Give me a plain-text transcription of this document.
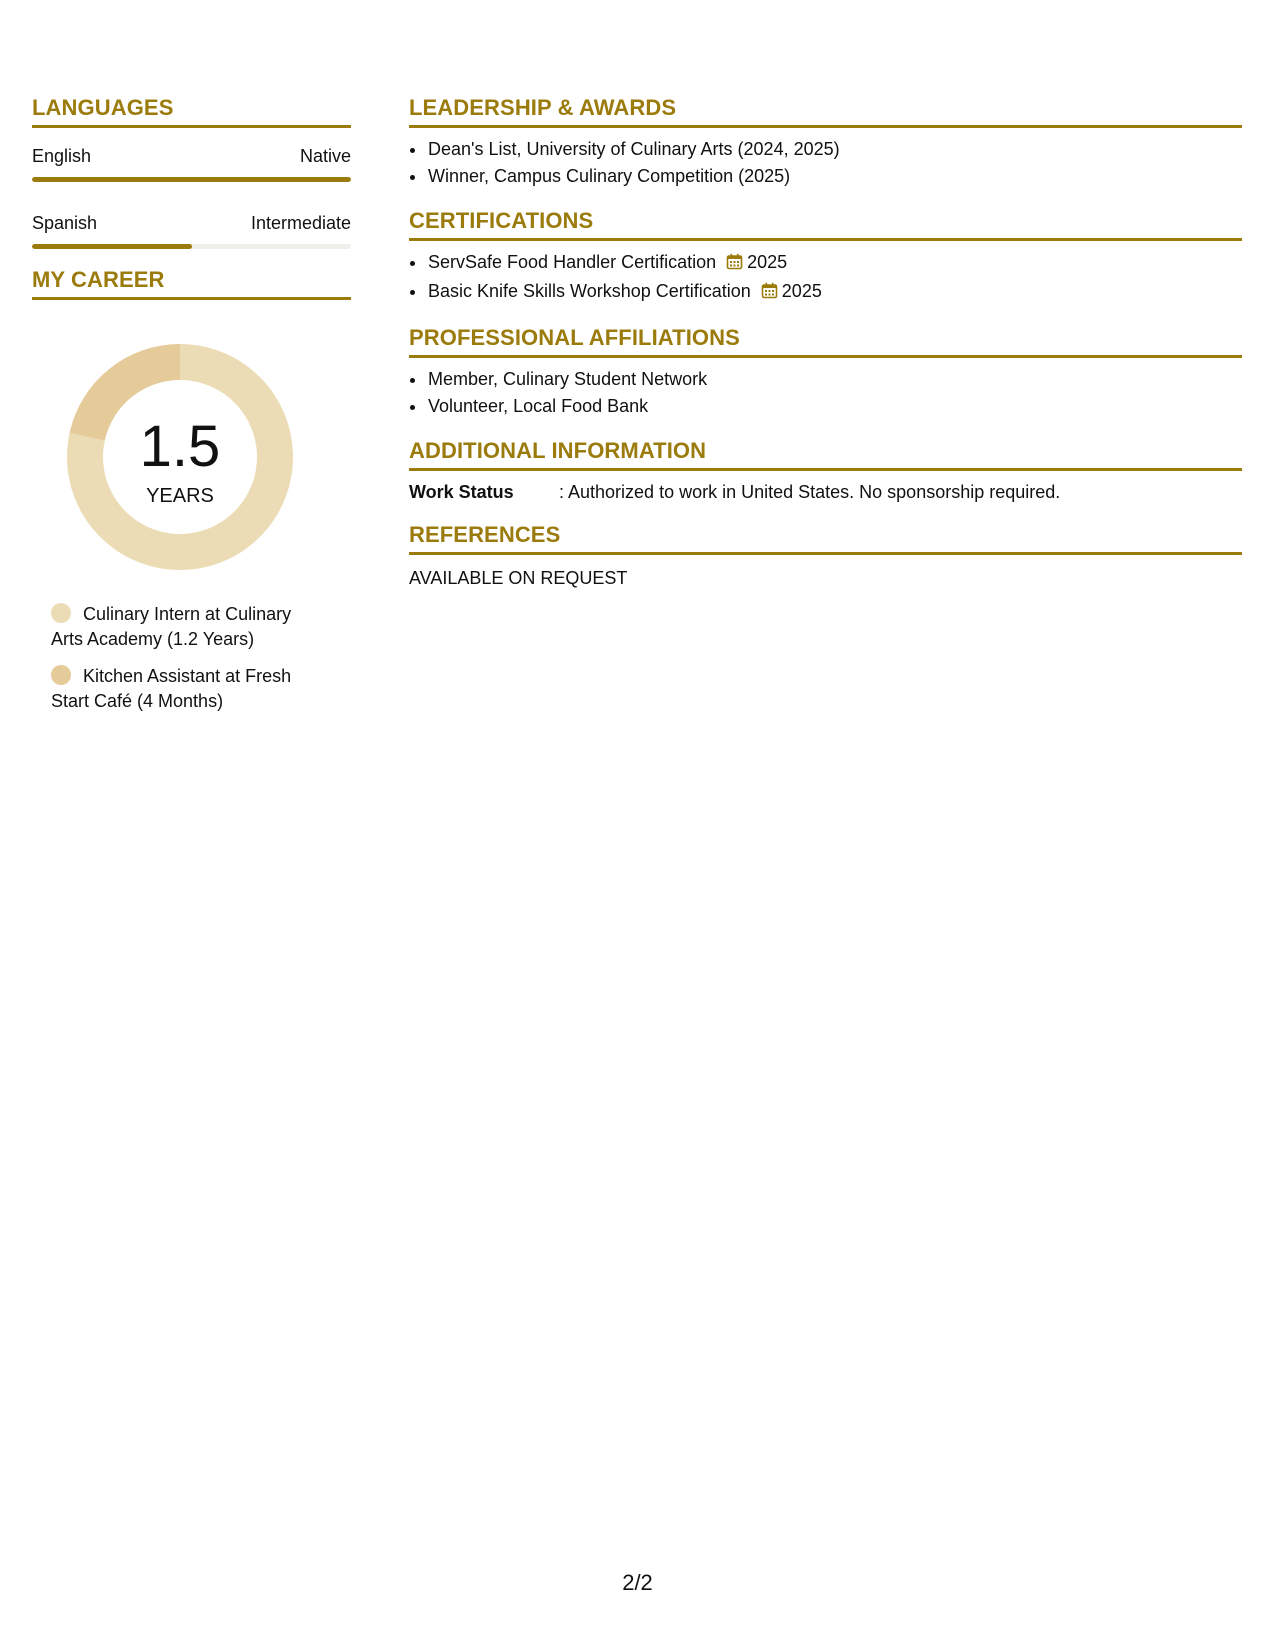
LANGUAGES
English	Native
Spanish	Intermediate
MY CAREER
1.5
YEARS
Culinary Intern at Culinary Arts Academy (1.2 Years)
Kitchen Assistant at Fresh Start Café (4 Months)
LEADERSHIP & AWARDS
• Dean's List, University of Culinary Arts (2024, 2025)
• Winner, Campus Culinary Competition (2025)
CERTIFICATIONS
• ServSafe Food Handler Certification 2025
• Basic Knife Skills Workshop Certification 2025
PROFESSIONAL AFFILIATIONS
• Member, Culinary Student Network
• Volunteer, Local Food Bank
ADDITIONAL INFORMATION
Work Status	: Authorized to work in United States. No sponsorship required.
REFERENCES
AVAILABLE ON REQUEST
2/2
